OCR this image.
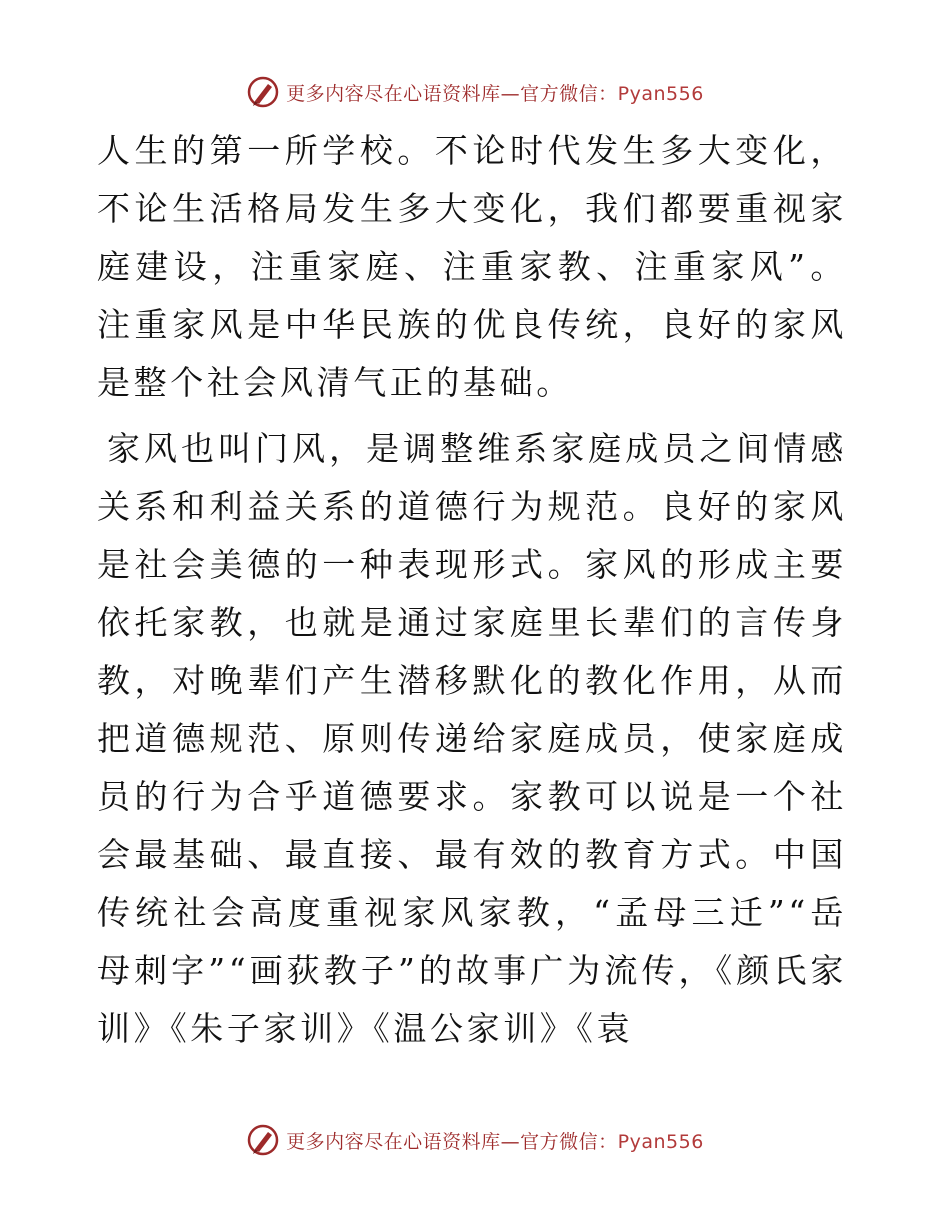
更多内容尽在心语资料库—官方微信：Pyan556

人生的第一所学校。不论时代发生多大变化，不论生活格局发生多大变化，我们都要重视家庭建设，注重家庭、注重家教、注重家风”。注重家风是中华民族的优良传统，良好的家风是整个社会风清气正的基础。

家风也叫门风，是调整维系家庭成员之间情感关系和利益关系的道德行为规范。良好的家风是社会美德的一种表现形式。家风的形成主要依托家教，也就是通过家庭里长辈们的言传身教，对晚辈们产生潜移默化的教化作用，从而把道德规范、原则传递给家庭成员，使家庭成员的行为合乎道德要求。家教可以说是一个社会最基础、最直接、最有效的教育方式。中国传统社会高度重视家风家教，“孟母三迁”“岳母刺字”“画荻教子”的故事广为流传，《颜氏家训》《朱子家训》《温公家训》《袁

更多内容尽在心语资料库—官方微信：Pyan556
